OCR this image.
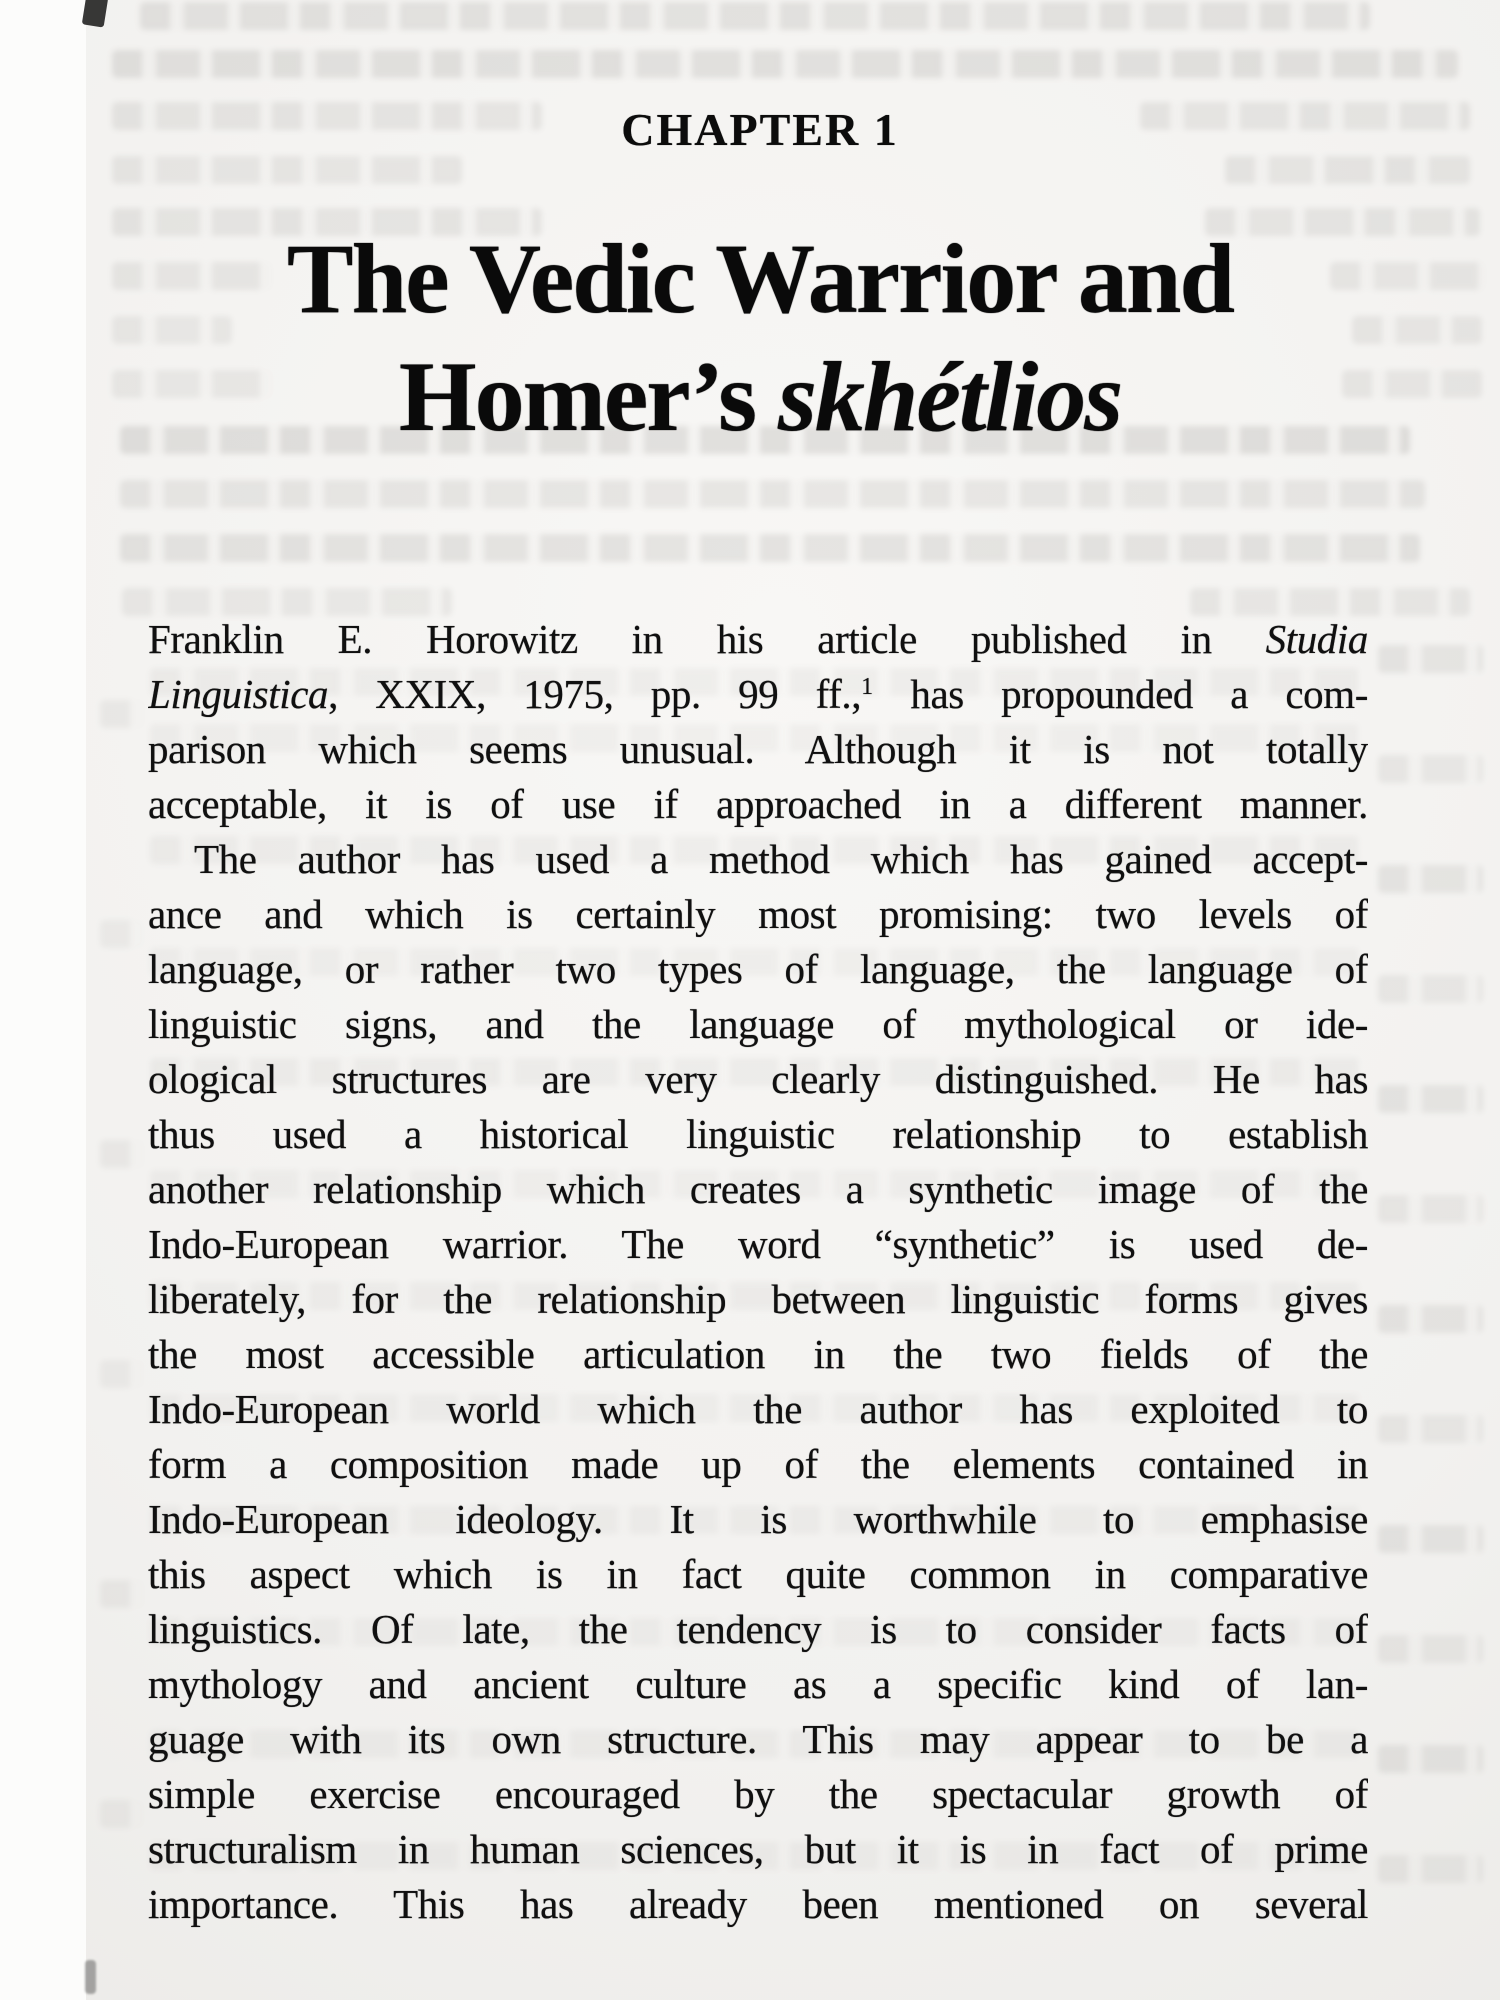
CHAPTER 1
The Vedic Warrior and
Homer’s skhétlios
Franklin E. Horowitz in his article published in Studia
Linguistica, XXIX, 1975, pp. 99 ff.,$^1$ has propounded a com-
parison which seems unusual. Although it is not totally
acceptable, it is of use if approached in a different manner.
The author has used a method which has gained accept-
ance and which is certainly most promising: two levels of
language, or rather two types of language, the language of
linguistic signs, and the language of mythological or ide-
ological structures are very clearly distinguished. He has
thus used a historical linguistic relationship to establish
another relationship which creates a synthetic image of the
Indo-European warrior. The word “synthetic” is used de-
liberately, for the relationship between linguistic forms gives
the most accessible articulation in the two fields of the
Indo-European world which the author has exploited to
form a composition made up of the elements contained in
Indo-European ideology. It is worthwhile to emphasise
this aspect which is in fact quite common in comparative
linguistics. Of late, the tendency is to consider facts of
mythology and ancient culture as a specific kind of lan-
guage with its own structure. This may appear to be a
simple exercise encouraged by the spectacular growth of
structuralism in human sciences, but it is in fact of prime
importance. This has already been mentioned on several
